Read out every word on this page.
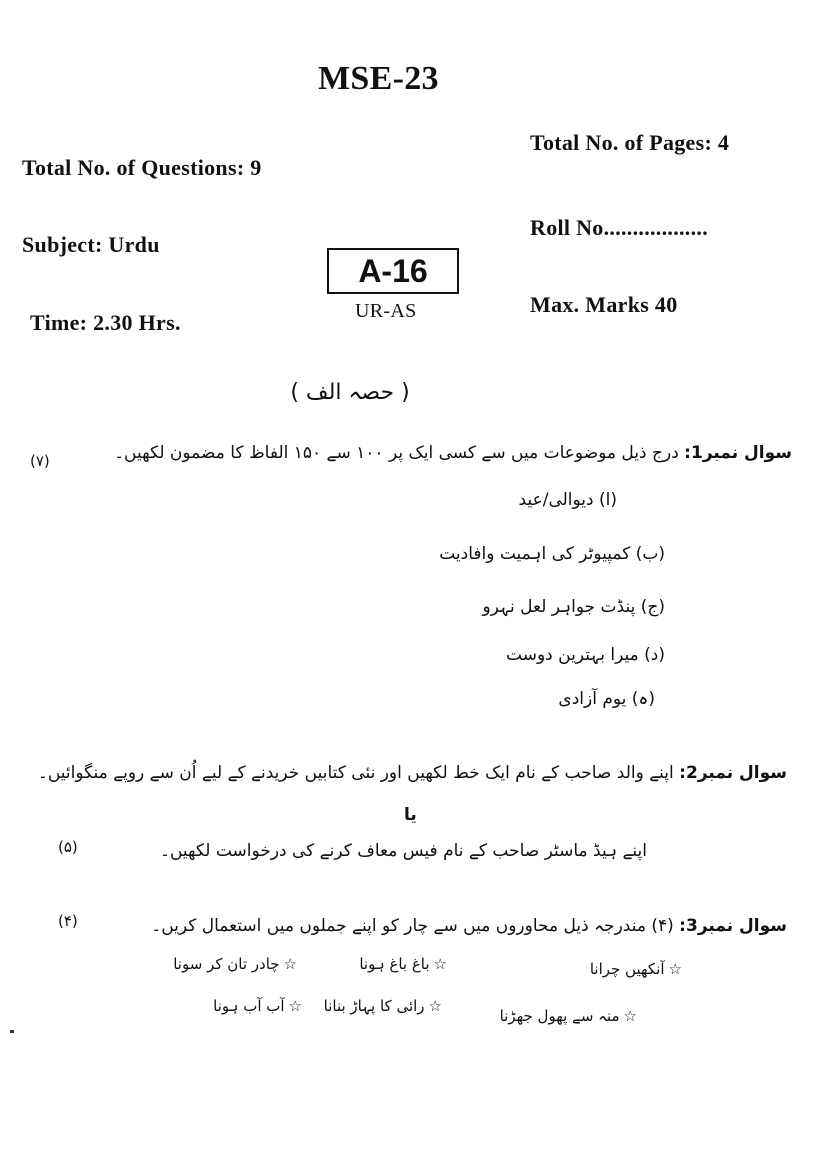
MSE-23
Total No. of Pages: 4
Total No. of Questions: 9
Roll No..................
Subject: Urdu
A-16
UR-AS
Time: 2.30 Hrs.
Max. Marks 40
( حصہ الف )
(۷)	سوال نمبر1: درج ذیل موضوعات میں سے کسی ایک پر ۱۰۰ سے ۱۵۰ الفاظ کا مضمون لکھیں۔
(ا) دیوالی/عید
(ب) کمپیوٹر کی اہمیت وافادیت
(ج) پنڈت جواہر لعل نہرو
(د) میرا بہترین دوست
(ہ) یوم آزادی
سوال نمبر2: اپنے والد صاحب کے نام ایک خط لکھیں اور نئی کتابیں خریدنے کے لیے اُن سے روپے منگوائیں۔
یا
(۵)	اپنے ہیڈ ماسٹر صاحب کے نام فیس معاف کرنے کی درخواست لکھیں۔
(۴)	سوال نمبر3: (۴) مندرجہ ذیل محاوروں میں سے چار کو اپنے جملوں میں استعمال کریں۔
☆آنکھیں چرانا
☆باغ باغ ہونا
☆چادر تان کر سونا
☆منہ سے پھول جھڑنا
☆رائی کا پہاڑ بنانا
☆آب آب ہونا
